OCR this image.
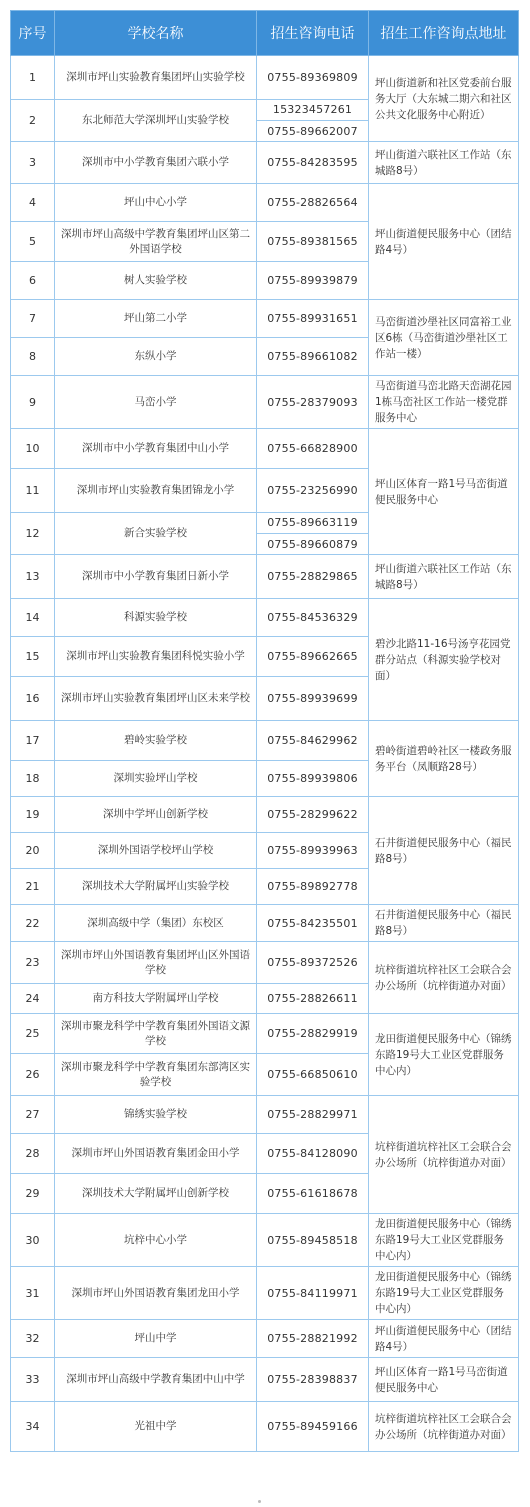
序号	学校名称	招生咨询电话	招生工作咨询点地址
1	深圳市坪山实验教育集团坪山实验学校	0755-89369809	坪山街道新和社区党委前台服务大厅（大东城二期六和社区公共文化服务中心附近）
2	东北师范大学深圳坪山实验学校	15323457261
0755-89662007	

3	深圳市中小学教育集团六联小学	0755-84283595	坪山街道六联社区工作站（东城路8号）
4	坪山中心小学	0755-28826564	坪山街道便民服务中心（团结路4号）
5	深圳市坪山高级中学教育集团坪山区第二外国语学校	0755-89381565	

6	树人实验学校	0755-89939879	

7	坪山第二小学	0755-89931651	马峦街道沙壆社区同富裕工业区6栋（马峦街道沙壆社区工作站一楼）
8	东纵小学	0755-89661082	

9	马峦小学	0755-28379093	马峦街道马峦北路天峦湖花园1栋马峦社区工作站一楼党群服务中心
10	深圳市中小学教育集团中山小学	0755-66828900	坪山区体育一路1号马峦街道便民服务中心
11	深圳市坪山实验教育集团锦龙小学	0755-23256990	

12	新合实验学校	0755-89663119
0755-89660879	

13	深圳市中小学教育集团日新小学	0755-28829865	坪山街道六联社区工作站（东城路8号）
14	科源实验学校	0755-84536329	碧沙北路11-16号汤亨花园党群分站点（科源实验学校对面）
15	深圳市坪山实验教育集团科悦实验小学	0755-89662665	

16	深圳市坪山实验教育集团坪山区未来学校	0755-89939699	

17	碧岭实验学校	0755-84629962	碧岭街道碧岭社区一楼政务服务平台（凤顺路28号）
18	深圳实验坪山学校	0755-89939806	

19	深圳中学坪山创新学校	0755-28299622	石井街道便民服务中心（福民路8号）
20	深圳外国语学校坪山学校	0755-89939963	

21	深圳技术大学附属坪山实验学校	0755-89892778	

22	深圳高级中学（集团）东校区	0755-84235501	石井街道便民服务中心（福民路8号）
23	深圳市坪山外国语教育集团坪山区外国语学校	0755-89372526	坑梓街道坑梓社区工会联合会办公场所（坑梓街道办对面）
24	南方科技大学附属坪山学校	0755-28826611	

25	深圳市聚龙科学中学教育集团外国语文源学校	0755-28829919	龙田街道便民服务中心（锦绣东路19号大工业区党群服务中心内）
26	深圳市聚龙科学中学教育集团东部湾区实验学校	0755-66850610	

27	锦绣实验学校	0755-28829971	坑梓街道坑梓社区工会联合会办公场所（坑梓街道办对面）
28	深圳市坪山外国语教育集团金田小学	0755-84128090	

29	深圳技术大学附属坪山创新学校	0755-61618678	

30	坑梓中心小学	0755-89458518	龙田街道便民服务中心（锦绣东路19号大工业区党群服务中心内）
31	深圳市坪山外国语教育集团龙田小学	0755-84119971	龙田街道便民服务中心（锦绣东路19号大工业区党群服务中心内）
32	坪山中学	0755-28821992	坪山街道便民服务中心（团结路4号）
33	深圳市坪山高级中学教育集团中山中学	0755-28398837	坪山区体育一路1号马峦街道便民服务中心
34	光祖中学	0755-89459166	坑梓街道坑梓社区工会联合会办公场所（坑梓街道办对面）
